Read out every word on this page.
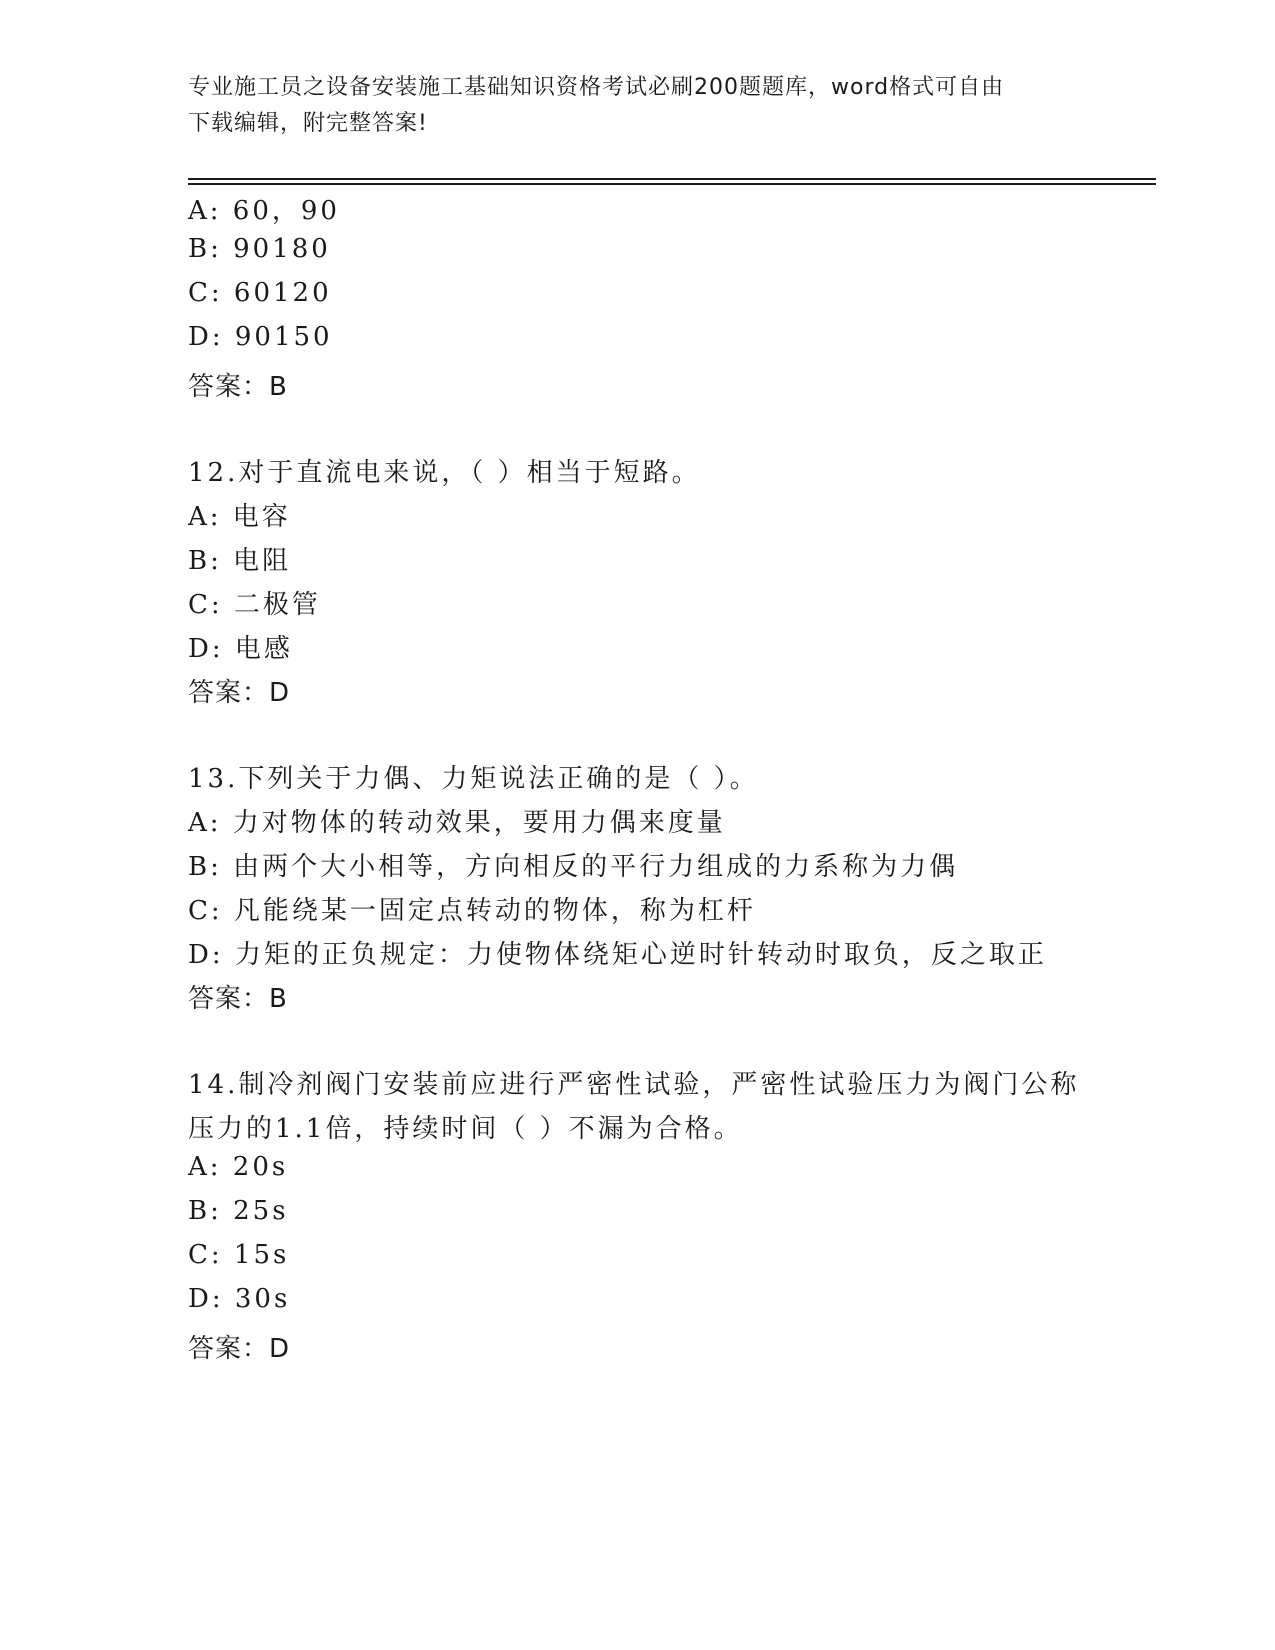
专业施工员之设备安装施工基础知识资格考试必刷200题题库，word格式可自由
下载编辑，附完整答案!
A: 60，90
B: 90180
C: 60120
D: 90150
答案：B
12.对于直流电来说，（ ）相当于短路。
A: 电容
B: 电阻
C: 二极管
D: 电感
答案：D
13.下列关于力偶、力矩说法正确的是（ ）。
A: 力对物体的转动效果，要用力偶来度量
B: 由两个大小相等，方向相反的平行力组成的力系称为力偶
C: 凡能绕某一固定点转动的物体，称为杠杆
D: 力矩的正负规定：力使物体绕矩心逆时针转动时取负，反之取正
答案：B
14.制冷剂阀门安装前应进行严密性试验，严密性试验压力为阀门公称
压力的1.1倍，持续时间（ ）不漏为合格。
A: 20s
B: 25s
C: 15s
D: 30s
答案：D
